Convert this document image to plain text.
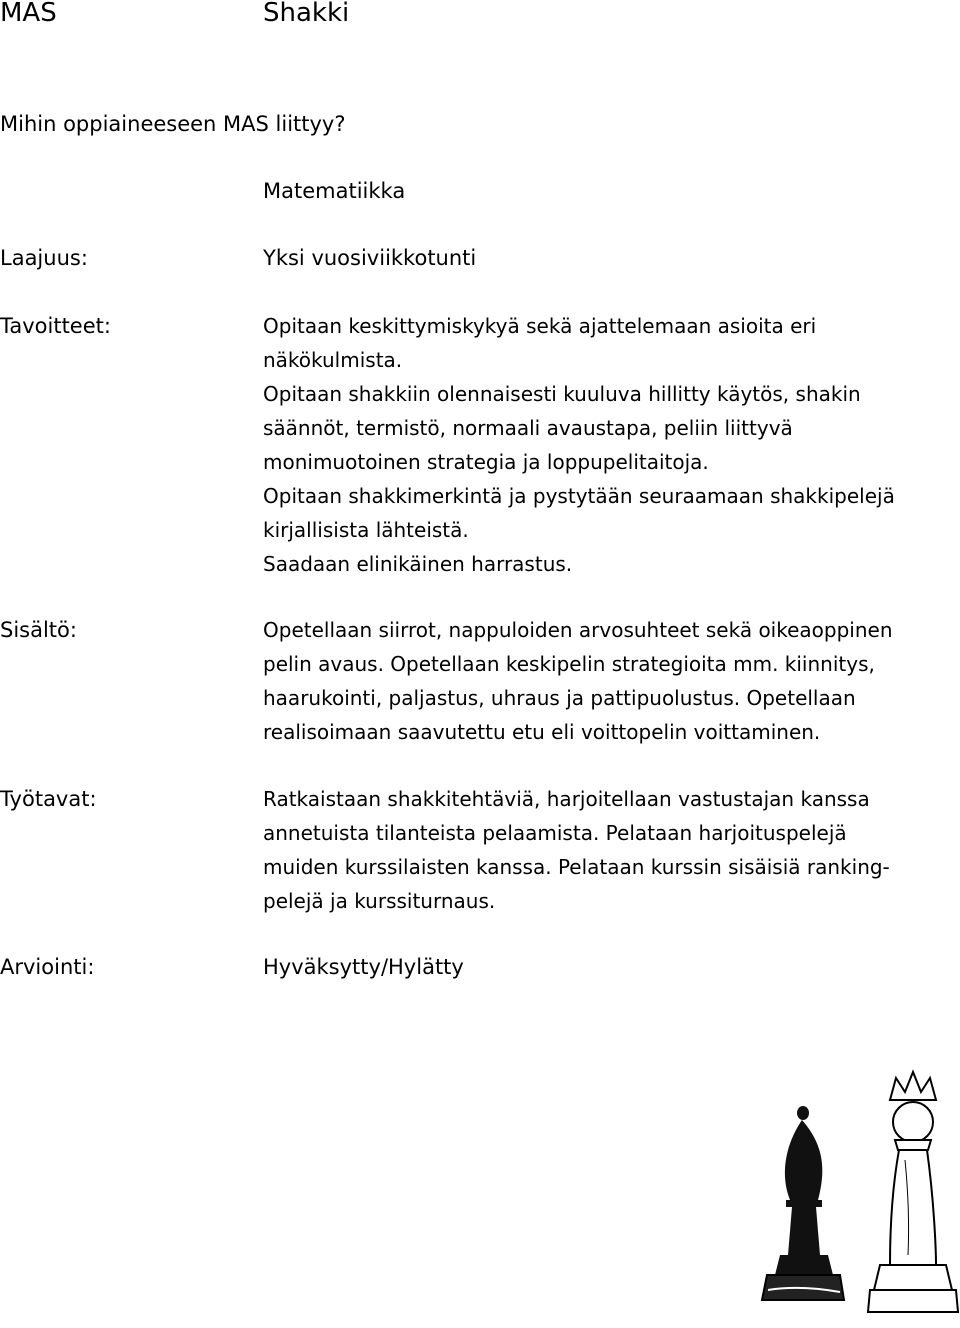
MAS	Shakki
Mihin oppiaineeseen MAS liittyy?
Matematiikka
Laajuus:	Yksi vuosiviikkotunti
Tavoitteet:	Opitaan keskittymiskykyä sekä ajattelemaan asioita eri
näkökulmista.
Opitaan shakkiin olennaisesti kuuluva hillitty käytös, shakin
säännöt, termistö, normaali avaustapa, peliin liittyvä
monimuotoinen strategia ja loppupelitaitoja.
Opitaan shakkimerkintä ja pystytään seuraamaan shakkipelejä
kirjallisista lähteistä.
Saadaan elinikäinen harrastus.
Sisältö:	Opetellaan siirrot, nappuloiden arvosuhteet sekä oikeaoppinen
pelin avaus. Opetellaan keskipelin strategioita mm. kiinnitys,
haarukointi, paljastus, uhraus ja pattipuolustus. Opetellaan
realisoimaan saavutettu etu eli voittopelin voittaminen.
Työtavat:	Ratkaistaan shakkitehtäviä, harjoitellaan vastustajan kanssa
annetuista tilanteista pelaamista. Pelataan harjoituspelejä
muiden kurssilaisten kanssa. Pelataan kurssin sisäisiä ranking-
pelejä ja kurssiturnaus.
Arviointi:	Hyväksytty/Hylätty
